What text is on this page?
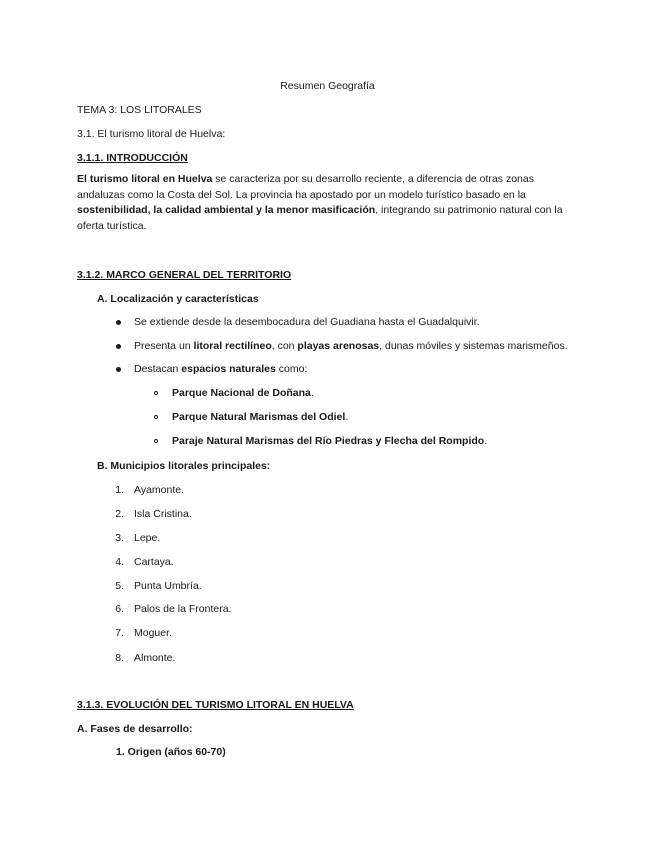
Resumen Geografía
TEMA 3: LOS LITORALES
3.1. El turismo litoral de Huelva:
3.1.1. INTRODUCCIÓN
El turismo litoral en Huelva se caracteriza por su desarrollo reciente, a diferencia de otras zonas andaluzas como la Costa del Sol. La provincia ha apostado por un modelo turístico basado en la sostenibilidad, la calidad ambiental y la menor masificación, integrando su patrimonio natural con la oferta turística.
3.1.2. MARCO GENERAL DEL TERRITORIO
A. Localización y características
Se extiende desde la desembocadura del Guadiana hasta el Guadalquivir.
Presenta un litoral rectilíneo, con playas arenosas, dunas móviles y sistemas marismeños.
Destacan espacios naturales como:
Parque Nacional de Doñana.
Parque Natural Marismas del Odiel.
Paraje Natural Marismas del Río Piedras y Flecha del Rompido.
B. Municipios litorales principales:
1. Ayamonte.
2. Isla Cristina.
3. Lepe.
4. Cartaya.
5. Punta Umbría.
6. Palos de la Frontera.
7. Moguer.
8. Almonte.
3.1.3. EVOLUCIÓN DEL TURISMO LITORAL EN HUELVA
A. Fases de desarrollo:
1. Origen (años 60-70)
